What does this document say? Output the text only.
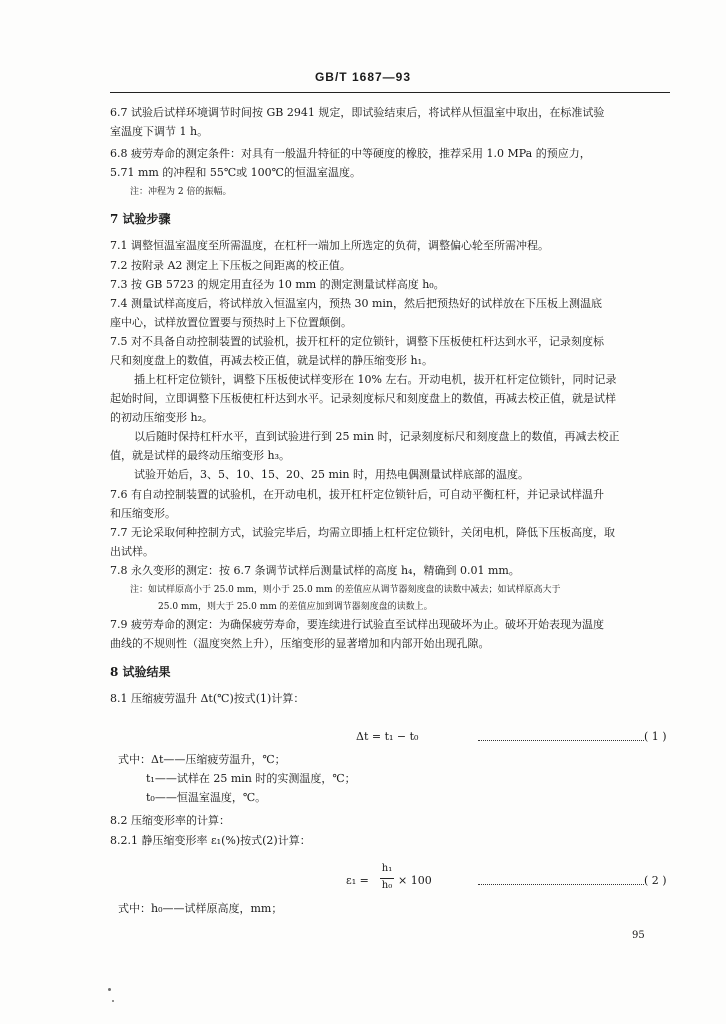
GB/T 1687—93
6.7 试验后试样环境调节时间按 GB 2941 规定，即试验结束后，将试样从恒温室中取出，在标准试验
室温度下调节 1 h。
6.8 疲劳寿命的测定条件：对具有一般温升特征的中等硬度的橡胶，推荐采用 1.0 MPa 的预应力，
5.71 mm 的冲程和 55℃或 100℃的恒温室温度。
注：冲程为 2 倍的振幅。
7 试验步骤
7.1 调整恒温室温度至所需温度，在杠杆一端加上所选定的负荷，调整偏心轮至所需冲程。
7.2 按附录 A2 测定上下压板之间距离的校正值。
7.3 按 GB 5723 的规定用直径为 10 mm 的测定测量试样高度 h₀。
7.4 测量试样高度后，将试样放入恒温室内，预热 30 min，然后把预热好的试样放在下压板上测温底
座中心，试样放置位置要与预热时上下位置颠倒。
7.5 对不具备自动控制装置的试验机，拔开杠杆的定位锁针，调整下压板使杠杆达到水平，记录刻度标
尺和刻度盘上的数值，再减去校正值，就是试样的静压缩变形 h₁。
插上杠杆定位锁针，调整下压板使试样变形在 10% 左右。开动电机，拔开杠杆定位锁针，同时记录
起始时间，立即调整下压板使杠杆达到水平。记录刻度标尺和刻度盘上的数值，再减去校正值，就是试样
的初动压缩变形 h₂。
以后随时保持杠杆水平，直到试验进行到 25 min 时，记录刻度标尺和刻度盘上的数值，再减去校正
值，就是试样的最终动压缩变形 h₃。
试验开始后，3、5、10、15、20、25 min 时，用热电偶测量试样底部的温度。
7.6 有自动控制装置的试验机，在开动电机，拔开杠杆定位锁针后，可自动平衡杠杆，并记录试样温升
和压缩变形。
7.7 无论采取何种控制方式，试验完毕后，均需立即插上杠杆定位锁针，关闭电机，降低下压板高度，取
出试样。
7.8 永久变形的测定：按 6.7 条调节试样后测量试样的高度 h₄，精确到 0.01 mm。
注：如试样原高小于 25.0 mm，则小于 25.0 mm 的差值应从调节器刻度盘的读数中减去；如试样原高大于
25.0 mm，则大于 25.0 mm 的差值应加到调节器刻度盘的读数上。
7.9 疲劳寿命的测定：为确保疲劳寿命，要连续进行试验直至试样出现破坏为止。破坏开始表现为温度
曲线的不规则性（温度突然上升），压缩变形的显著增加和内部开始出现孔隙。
8 试验结果
8.1 压缩疲劳温升 Δt(℃)按式(1)计算：
Δt = t₁ − t₀	( 1 )
式中：Δt——压缩疲劳温升，℃；
t₁——试样在 25 min 时的实测温度，℃；
t₀——恒温室温度，℃。
8.2 压缩变形率的计算：
8.2.1 静压缩变形率 ε₁(%)按式(2)计算：
ε₁ =
h₁
h₀ × 100	( 2 )
式中：h₀——试样原高度，mm；
95
